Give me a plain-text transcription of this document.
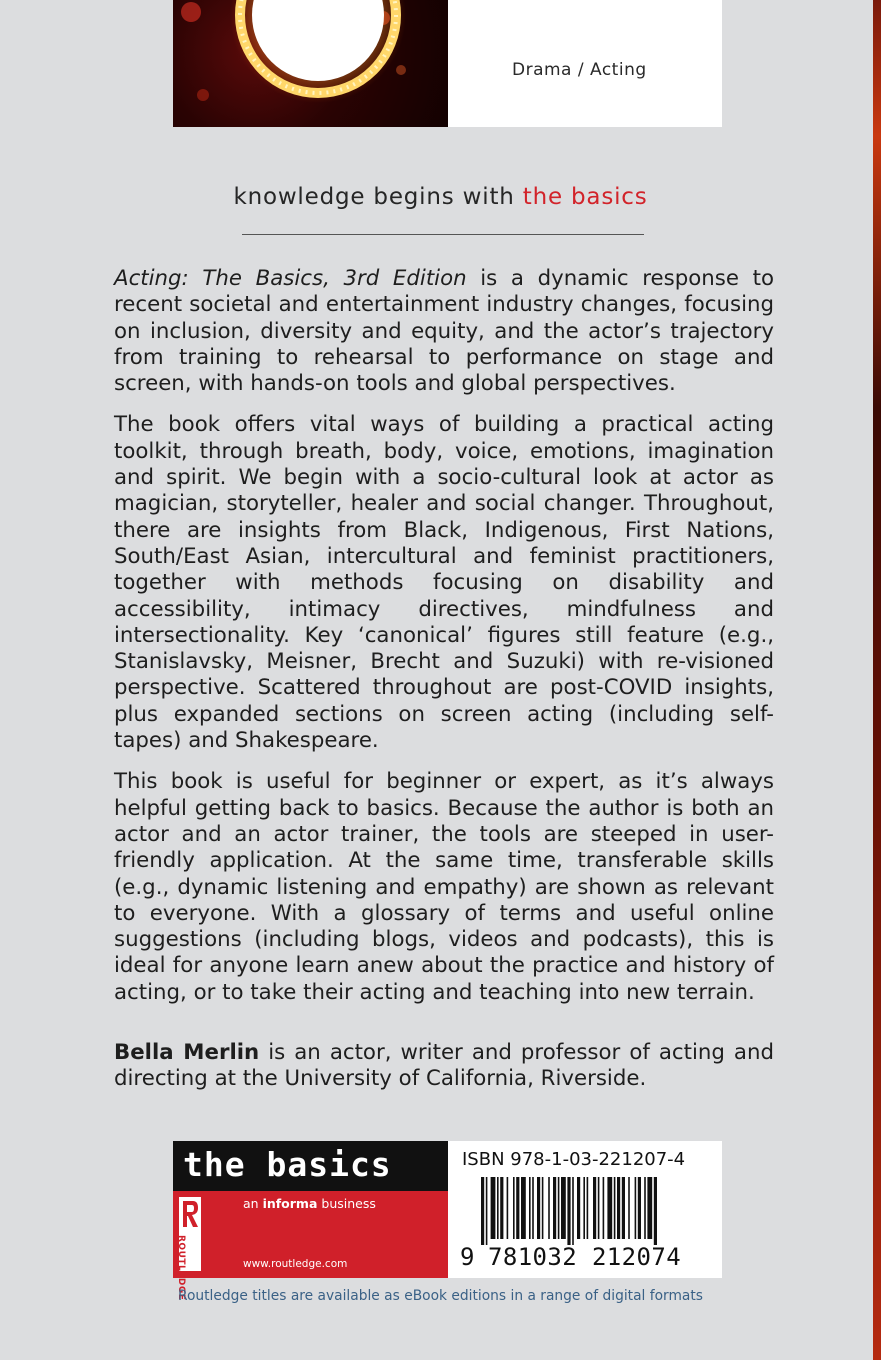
Drama / Acting
knowledge begins with the basics

Acting: The Basics, 3rd Edition is a dynamic response to recent societal and entertainment industry changes, focusing on inclusion, diversity and equity, and the actor’s trajectory from training to rehearsal to performance on stage and screen, with hands-on tools and global perspectives.

The book offers vital ways of building a practical acting toolkit, through breath, body, voice, emotions, imagination and spirit. We begin with a socio-cultural look at actor as magician, storyteller, healer and social changer. Throughout, there are insights from Black, Indigenous, First Nations, South/East Asian, intercultural and feminist practitioners, together with methods focusing on disability and accessibility, intimacy directives, mindfulness and intersectionality. Key ‘canonical’ figures still feature (e.g., Stanislavsky, Meisner, Brecht and Suzuki) with re-visioned perspective. Scattered throughout are post-COVID insights, plus expanded sections on screen acting (including self-tapes) and Shakespeare.

This book is useful for beginner or expert, as it’s always helpful getting back to basics. Because the author is both an actor and an actor trainer, the tools are steeped in user-friendly application. At the same time, transferable skills (e.g., dynamic listening and empathy) are shown as relevant to everyone. With a glossary of terms and useful online suggestions (including blogs, videos and podcasts), this is ideal for anyone learn anew about the practice and history of acting, or to take their acting and teaching into new terrain.

Bella Merlin is an actor, writer and professor of acting and directing at the University of California, Riverside.
the basics
ROUTLEDGE
an informa business
www.routledge.com
ISBN 978-1-03-221207-4
9 781032 212074
Routledge titles are available as eBook editions in a range of digital formats
